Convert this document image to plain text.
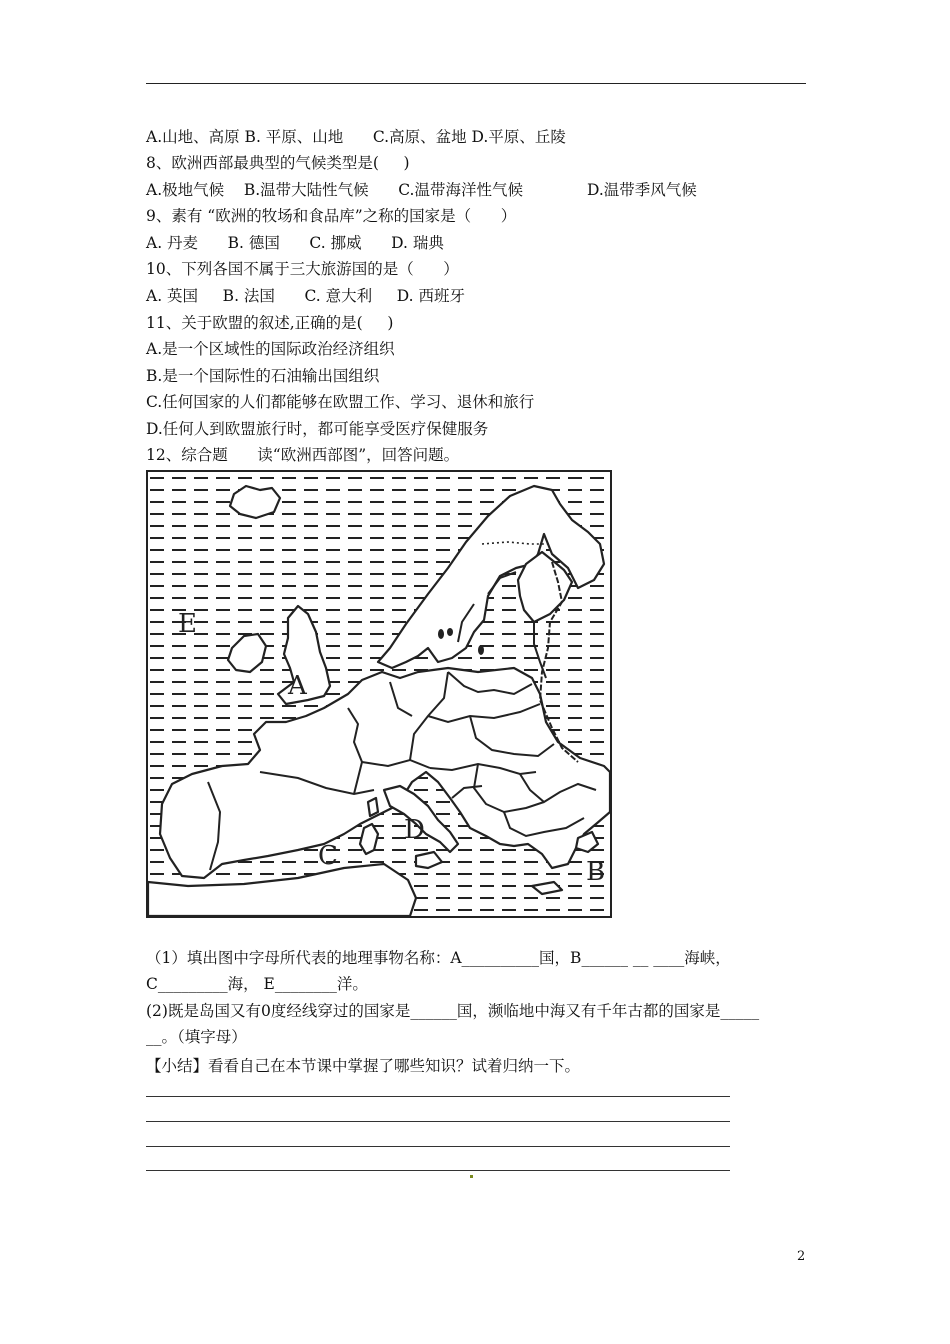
A.山地、高原 B. 平原、山地      C.高原、盆地 D.平原、丘陵
8、欧洲西部最典型的气候类型是(     )
A.极地气候    B.温带大陆性气候      C.温带海洋性气候             D.温带季风气候
9、素有 “欧洲的牧场和食品库”之称的国家是（      ）
A. 丹麦      B. 德国      C. 挪威      D. 瑞典
10、下列各国不属于三大旅游国的是（      ）
A. 英国     B. 法国      C. 意大利     D. 西班牙
11、关于欧盟的叙述,正确的是(     )
A.是一个区域性的国际政治经济组织
B.是一个国际性的石油输出国组织
C.任何国家的人们都能够在欧盟工作、学习、退休和旅行
D.任何人到欧盟旅行时，都可能享受医疗保健服务
12、综合题      读“欧洲西部图”，回答问题。
E
A
C
D
B
（1）填出图中字母所代表的地理事物名称：A__________国，B______ __ ____海峡，
C_________海， E________洋。
(2)既是岛国又有0度经线穿过的国家是______国，濒临地中海又有千年古都的国家是_____
__。（填字母）
【小结】看看自己在本节课中掌握了哪些知识？试着归纳一下。
2
